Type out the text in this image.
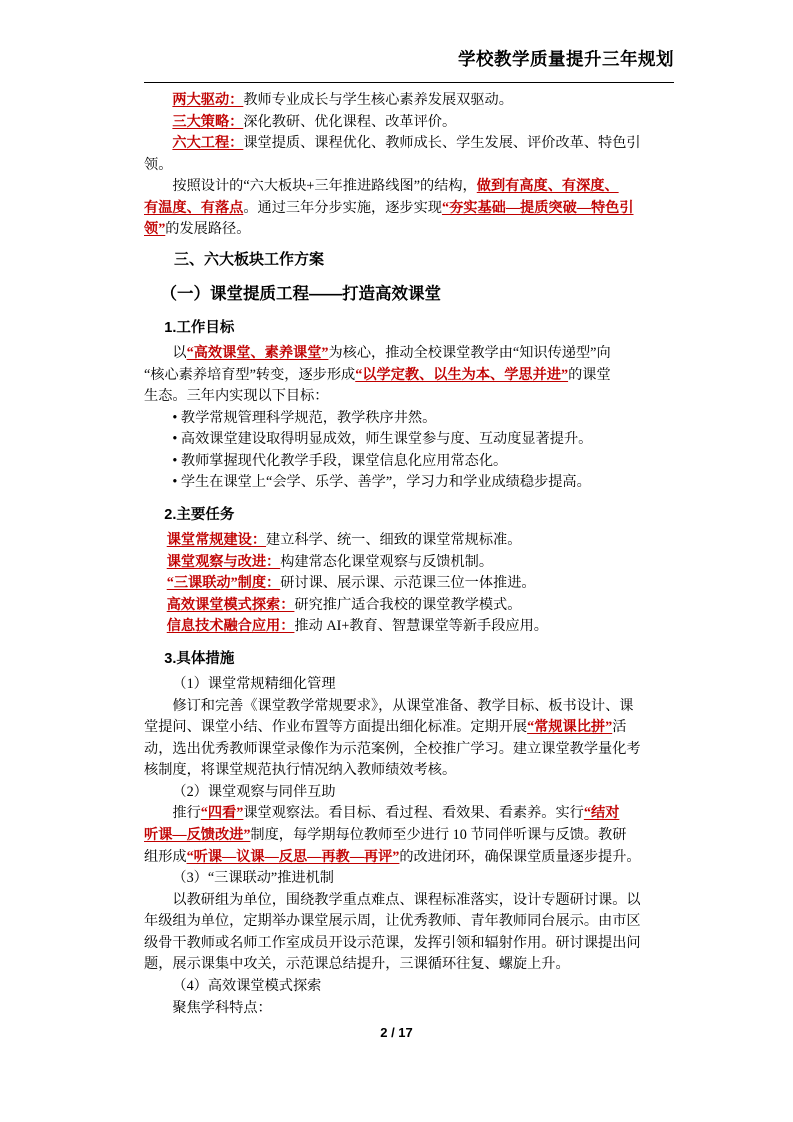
学校教学质量提升三年规划

两大驱动：教师专业成长与学生核心素养发展双驱动。

三大策略：深化教研、优化课程、改革评价。

六大工程：课堂提质、课程优化、教师成长、学生发展、评价改革、特色引

领。

按照设计的“六大板块+三年推进路线图”的结构，做到有高度、有深度、

有温度、有落点。通过三年分步实施，逐步实现“夯实基础—提质突破—特色引

领”的发展路径。

三、六大板块工作方案

（一）课堂提质工程——打造高效课堂

1.工作目标

以“高效课堂、素养课堂”为核心，推动全校课堂教学由“知识传递型”向

“核心素养培育型”转变，逐步形成“以学定教、以生为本、学思并进”的课堂

生态。三年内实现以下目标：

• 教学常规管理科学规范，教学秩序井然。

• 高效课堂建设取得明显成效，师生课堂参与度、互动度显著提升。

• 教师掌握现代化教学手段，课堂信息化应用常态化。

• 学生在课堂上“会学、乐学、善学”，学习力和学业成绩稳步提高。

2.主要任务

课堂常规建设：建立科学、统一、细致的课堂常规标准。

课堂观察与改进：构建常态化课堂观察与反馈机制。

“三课联动”制度：研讨课、展示课、示范课三位一体推进。

高效课堂模式探索：研究推广适合我校的课堂教学模式。

信息技术融合应用：推动 AI+教育、智慧课堂等新手段应用。

3.具体措施

（1）课堂常规精细化管理

修订和完善《课堂教学常规要求》，从课堂准备、教学目标、板书设计、课

堂提问、课堂小结、作业布置等方面提出细化标准。定期开展“常规课比拼”活

动，选出优秀教师课堂录像作为示范案例，全校推广学习。建立课堂教学量化考

核制度，将课堂规范执行情况纳入教师绩效考核。

（2）课堂观察与同伴互助

推行“四看”课堂观察法。看目标、看过程、看效果、看素养。实行“结对

听课—反馈改进”制度，每学期每位教师至少进行 10 节同伴听课与反馈。教研

组形成“听课—议课—反思—再教—再评”的改进闭环，确保课堂质量逐步提升。

（3）“三课联动”推进机制

以教研组为单位，围绕教学重点难点、课程标准落实，设计专题研讨课。以

年级组为单位，定期举办课堂展示周，让优秀教师、青年教师同台展示。由市区

级骨干教师或名师工作室成员开设示范课，发挥引领和辐射作用。研讨课提出问

题，展示课集中攻关，示范课总结提升，三课循环往复、螺旋上升。

（4）高效课堂模式探索

聚焦学科特点：

2 / 17
